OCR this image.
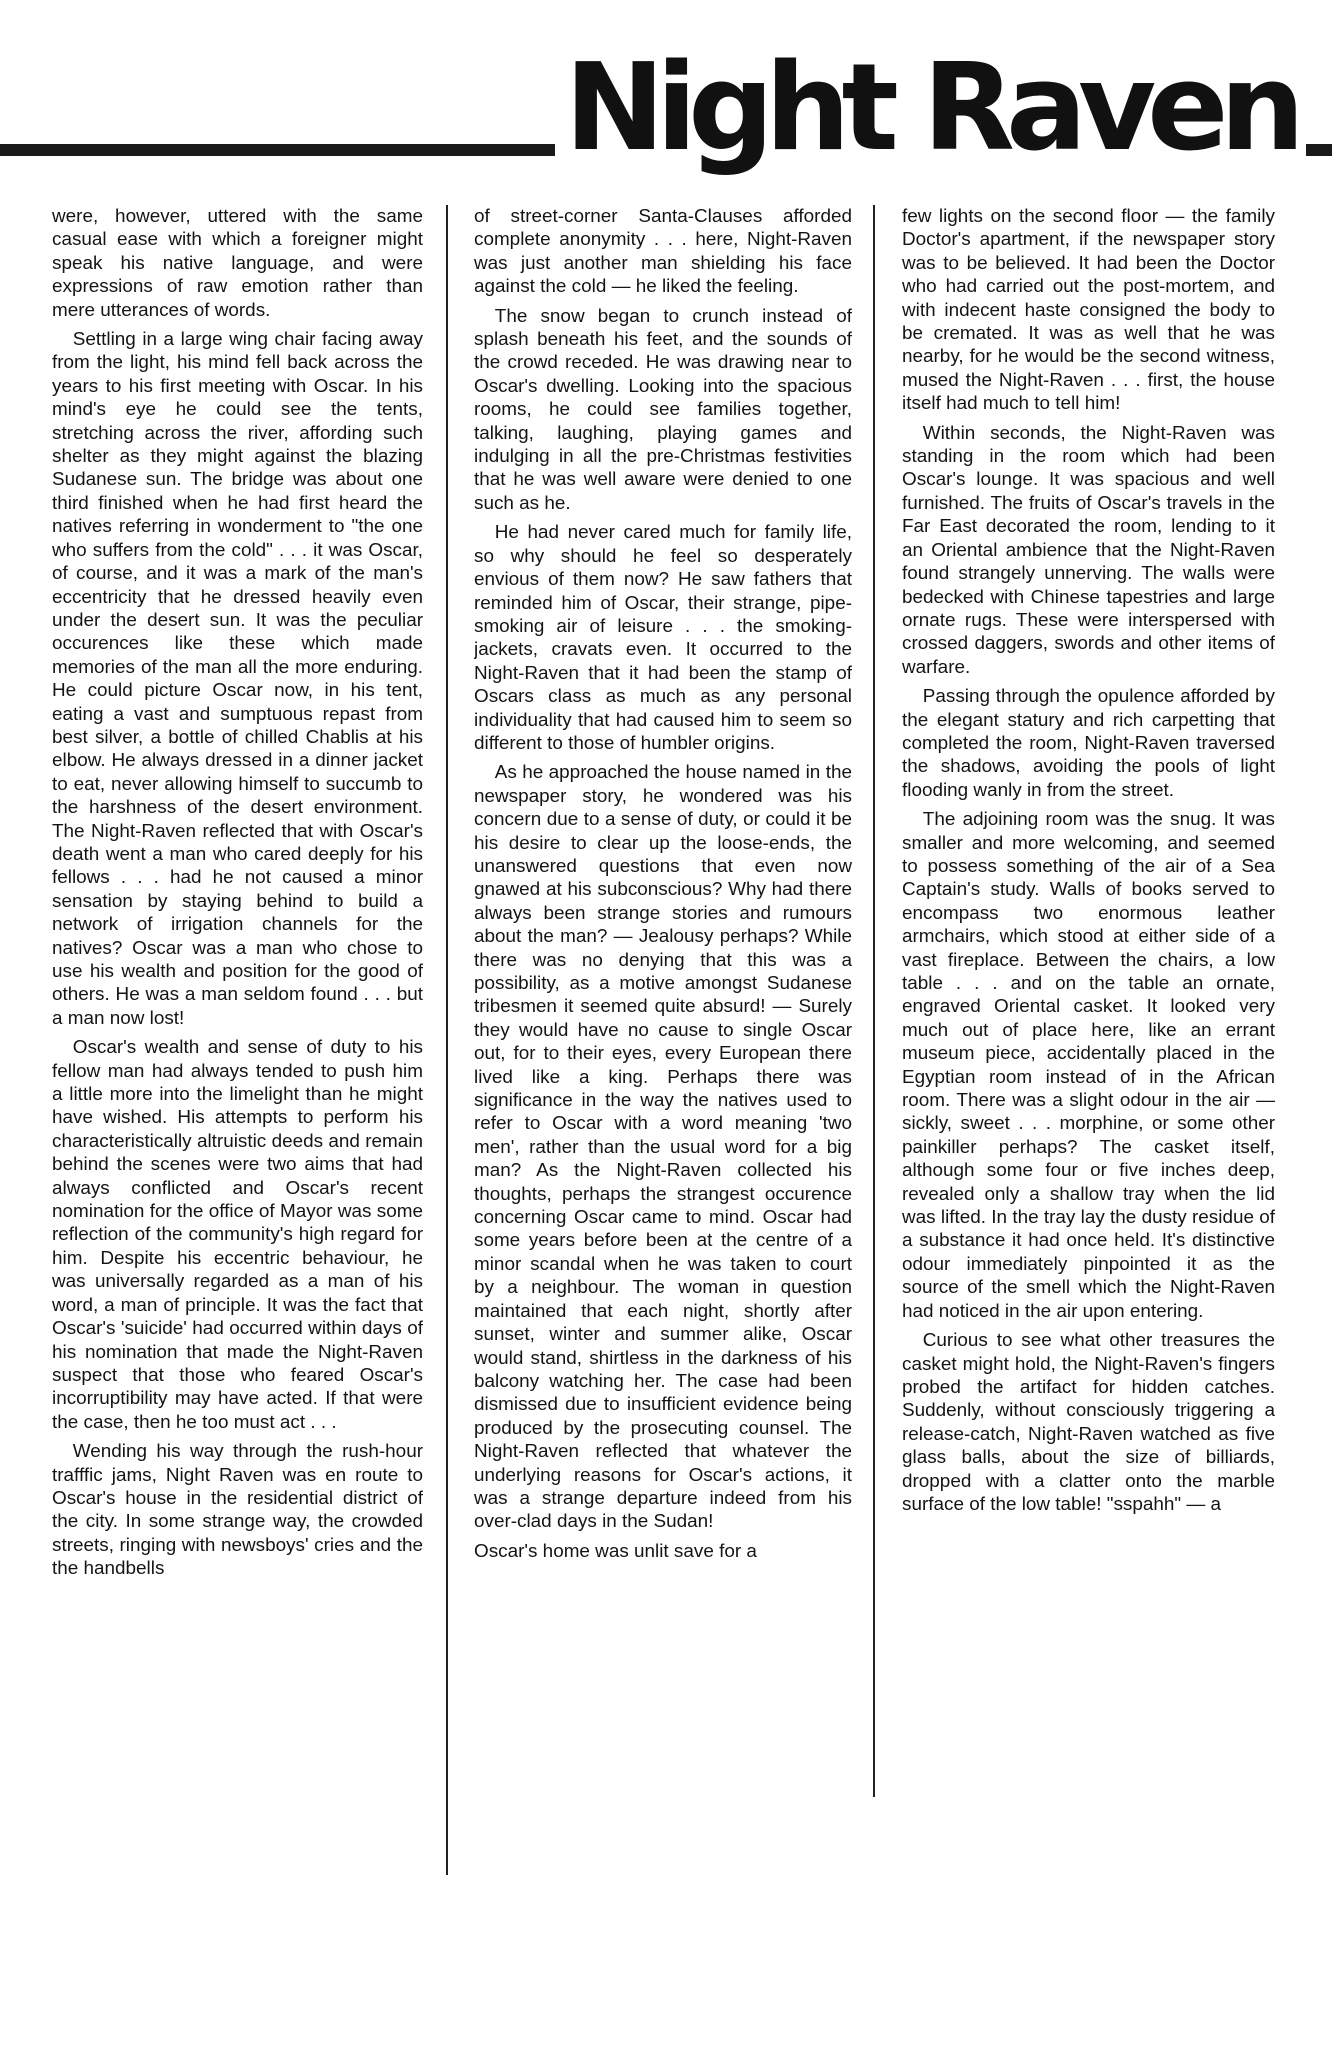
Night Raven

were, however, uttered with the same casual ease with which a foreigner might speak his native language, and were expressions of raw emotion rather than mere utterances of words.

Settling in a large wing chair facing away from the light, his mind fell back across the years to his first meeting with Oscar. In his mind's eye he could see the tents, stretching across the river, affording such shelter as they might against the blazing Sudanese sun. The bridge was about one third finished when he had first heard the natives referring in wonderment to "the one who suffers from the cold" . . . it was Oscar, of course, and it was a mark of the man's eccentricity that he dressed heavily even under the desert sun. It was the peculiar occurences like these which made memories of the man all the more enduring. He could picture Oscar now, in his tent, eating a vast and sumptuous repast from best silver, a bottle of chilled Chablis at his elbow. He always dressed in a dinner jacket to eat, never allowing himself to succumb to the harshness of the desert environment. The Night-Raven reflected that with Oscar's death went a man who cared deeply for his fellows . . . had he not caused a minor sensation by staying behind to build a network of irrigation channels for the natives? Oscar was a man who chose to use his wealth and position for the good of others. He was a man seldom found . . . but a man now lost!

Oscar's wealth and sense of duty to his fellow man had always tended to push him a little more into the limelight than he might have wished. His attempts to perform his characteristically altruistic deeds and remain behind the scenes were two aims that had always conflicted and Oscar's recent nomination for the office of Mayor was some reflection of the community's high regard for him. Despite his eccentric behaviour, he was universally regarded as a man of his word, a man of principle. It was the fact that Oscar's 'suicide' had occurred within days of his nomination that made the Night-Raven suspect that those who feared Oscar's incorruptibility may have acted. If that were the case, then he too must act . . .

Wending his way through the rush-hour trafffic jams, Night Raven was en route to Oscar's house in the residential district of the city. In some strange way, the crowded streets, ringing with newsboys' cries and the the handbells

of street-corner Santa-Clauses afforded complete anonymity . . . here, Night-Raven was just another man shielding his face against the cold — he liked the feeling.

The snow began to crunch instead of splash beneath his feet, and the sounds of the crowd receded. He was drawing near to Oscar's dwelling. Looking into the spacious rooms, he could see families together, talking, laughing, playing games and indulging in all the pre-Christmas festivities that he was well aware were denied to one such as he.

He had never cared much for family life, so why should he feel so desperately envious of them now? He saw fathers that reminded him of Oscar, their strange, pipe-smoking air of leisure . . . the smoking-jackets, cravats even. It occurred to the Night-Raven that it had been the stamp of Oscars class as much as any personal individuality that had caused him to seem so different to those of humbler origins.

As he approached the house named in the newspaper story, he wondered was his concern due to a sense of duty, or could it be his desire to clear up the loose-ends, the unanswered questions that even now gnawed at his subconscious? Why had there always been strange stories and rumours about the man? — Jealousy perhaps? While there was no denying that this was a possibility, as a motive amongst Sudanese tribesmen it seemed quite absurd! — Surely they would have no cause to single Oscar out, for to their eyes, every European there lived like a king. Perhaps there was significance in the way the natives used to refer to Oscar with a word meaning 'two men', rather than the usual word for a big man? As the Night-Raven collected his thoughts, perhaps the strangest occurence concerning Oscar came to mind. Oscar had some years before been at the centre of a minor scandal when he was taken to court by a neighbour. The woman in question maintained that each night, shortly after sunset, winter and summer alike, Oscar would stand, shirtless in the darkness of his balcony watching her. The case had been dismissed due to insufficient evidence being produced by the prosecuting counsel. The Night-Raven reflected that whatever the underlying reasons for Oscar's actions, it was a strange departure indeed from his over-clad days in the Sudan!

Oscar's home was unlit save for a

few lights on the second floor — the family Doctor's apartment, if the newspaper story was to be believed. It had been the Doctor who had carried out the post-mortem, and with indecent haste consigned the body to be cremated. It was as well that he was nearby, for he would be the second witness, mused the Night-Raven . . . first, the house itself had much to tell him!

Within seconds, the Night-Raven was standing in the room which had been Oscar's lounge. It was spacious and well furnished. The fruits of Oscar's travels in the Far East decorated the room, lending to it an Oriental ambience that the Night-Raven found strangely unnerving. The walls were bedecked with Chinese tapestries and large ornate rugs. These were interspersed with crossed daggers, swords and other items of warfare.

Passing through the opulence afforded by the elegant statury and rich carpetting that completed the room, Night-Raven traversed the shadows, avoiding the pools of light flooding wanly in from the street.

The adjoining room was the snug. It was smaller and more welcoming, and seemed to possess something of the air of a Sea Captain's study. Walls of books served to encompass two enormous leather armchairs, which stood at either side of a vast fireplace. Between the chairs, a low table . . . and on the table an ornate, engraved Oriental casket. It looked very much out of place here, like an errant museum piece, accidentally placed in the Egyptian room instead of in the African room. There was a slight odour in the air — sickly, sweet . . . morphine, or some other painkiller perhaps? The casket itself, although some four or five inches deep, revealed only a shallow tray when the lid was lifted. In the tray lay the dusty residue of a substance it had once held. It's distinctive odour immediately pinpointed it as the source of the smell which the Night-Raven had noticed in the air upon entering.

Curious to see what other treasures the casket might hold, the Night-Raven's fingers probed the artifact for hidden catches. Suddenly, without consciously triggering a release-catch, Night-Raven watched as five glass balls, about the size of billiards, dropped with a clatter onto the marble surface of the low table! "sspahh" — a
